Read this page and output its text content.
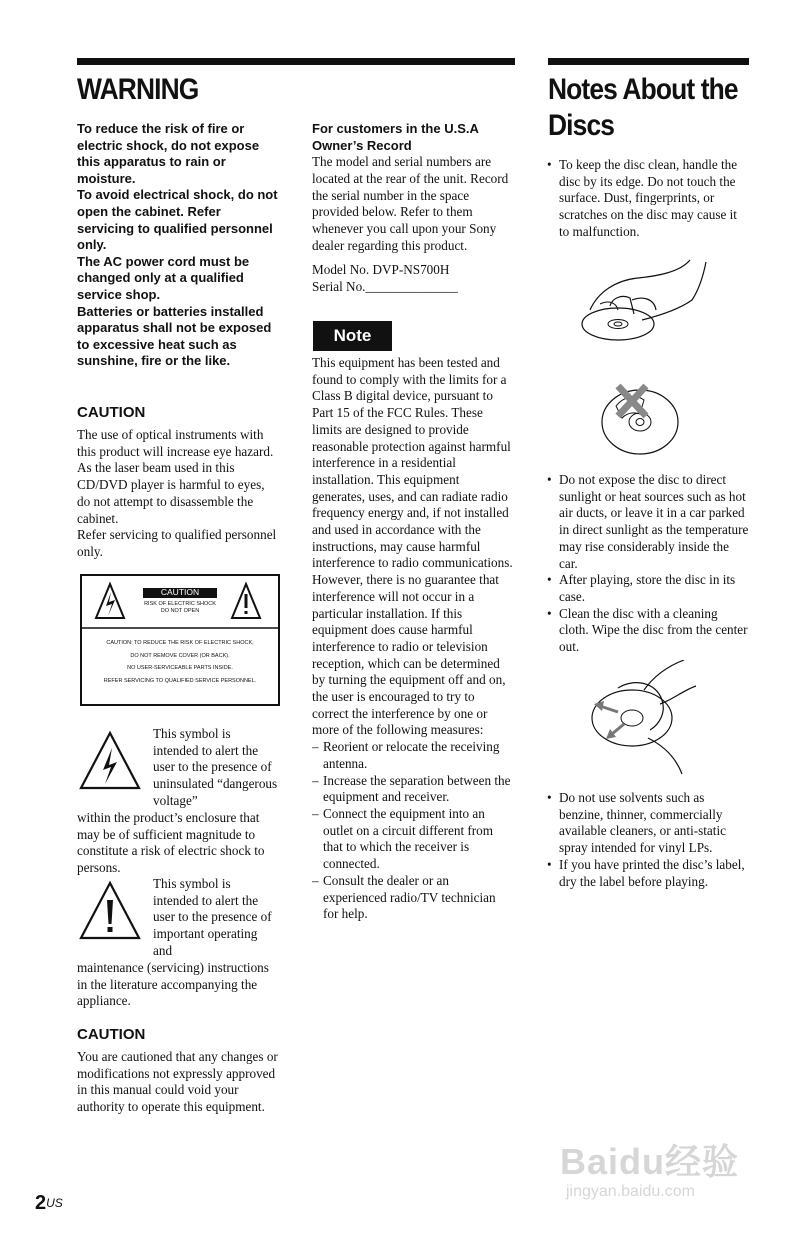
WARNING

To reduce the risk of fire or electric shock, do not expose this apparatus to rain or moisture.

To avoid electrical shock, do not open the cabinet. Refer servicing to qualified personnel only.

The AC power cord must be changed only at a qualified service shop.

Batteries or batteries installed apparatus shall not be exposed to excessive heat such as sunshine, fire or the like.

CAUTION

The use of optical instruments with this product will increase eye hazard. As the laser beam used in this CD/DVD player is harmful to eyes, do not attempt to disassemble the cabinet.

Refer servicing to qualified personnel only.

CAUTION
RISK OF ELECTRIC SHOCK
DO NOT OPEN
CAUTION: TO REDUCE THE RISK OF ELECTRIC SHOCK,
DO NOT REMOVE COVER (OR BACK).
NO USER-SERVICEABLE PARTS INSIDE.
REFER SERVICING TO QUALIFIED SERVICE PERSONNEL.

This symbol is intended to alert the user to the presence of uninsulated “dangerous voltage”

within the product’s enclosure that may be of sufficient magnitude to constitute a risk of electric shock to persons.

This symbol is intended to alert the user to the presence of important operating and

maintenance (servicing) instructions in the literature accompanying the appliance.

CAUTION

You are cautioned that any changes or modifications not expressly approved in this manual could void your authority to operate this equipment.

For customers in the U.S.A Owner’s Record

The model and serial numbers are located at the rear of the unit. Record the serial number in the space provided below. Refer to them whenever you call upon your Sony dealer regarding this product.

Model No. DVP-NS700H

Serial No.______________

Note

This equipment has been tested and found to comply with the limits for a Class B digital device, pursuant to Part 15 of the FCC Rules. These limits are designed to provide reasonable protection against harmful interference in a residential installation. This equipment generates, uses, and can radiate radio frequency energy and, if not installed and used in accordance with the instructions, may cause harmful interference to radio communications. However, there is no guarantee that interference will not occur in a particular installation. If this equipment does cause harmful interference to radio or television reception, which can be determined by turning the equipment off and on, the user is encouraged to try to correct the interference by one or more of the following measures:

– Reorient or relocate the receiving antenna.
– Increase the separation between the equipment and receiver.
– Connect the equipment into an outlet on a circuit different from that to which the receiver is connected.
– Consult the dealer or an experienced radio/TV technician for help.
Notes About the
Discs
• To keep the disc clean, handle the disc by its edge. Do not touch the surface. Dust, fingerprints, or scratches on the disc may cause it to malfunction.
• Do not expose the disc to direct sunlight or heat sources such as hot air ducts, or leave it in a car parked in direct sunlight as the temperature may rise considerably inside the car.
• After playing, store the disc in its case.
• Clean the disc with a cleaning cloth. Wipe the disc from the center out.
• Do not use solvents such as benzine, thinner, commercially available cleaners, or anti-static spray intended for vinyl LPs.
• If you have printed the disc’s label, dry the label before playing.
$2^{US}$
Baidu经验
jingyan.baidu.com
